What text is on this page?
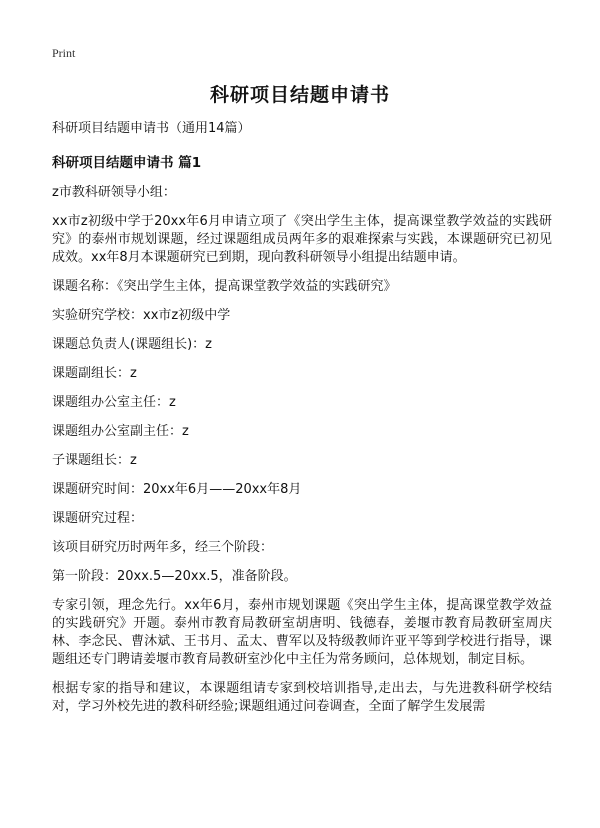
Print
科研项目结题申请书
科研项目结题申请书（通用14篇）
科研项目结题申请书 篇1

z市教科研领导小组：

xx市z初级中学于20xx年6月申请立项了《突出学生主体，提高课堂教学效益的实践研究》的泰州市规划课题，经过课题组成员两年多的艰难探索与实践，本课题研究已初见成效。xx年8月本课题研究已到期，现向教科研领导小组提出结题申请。

课题名称：《突出学生主体，提高课堂教学效益的实践研究》

实验研究学校：xx市z初级中学

课题总负责人(课题组长)：z

课题副组长：z

课题组办公室主任：z

课题组办公室副主任：z

子课题组长：z

课题研究时间：20xx年6月——20xx年8月

课题研究过程：

该项目研究历时两年多，经三个阶段：

第一阶段：20xx.5—20xx.5，准备阶段。

专家引领，理念先行。xx年6月，泰州市规划课题《突出学生主体，提高课堂教学效益的实践研究》开题。泰州市教育局教研室胡唐明、钱德春，姜堰市教育局教研室周庆林、李念民、曹沐斌、王书月、孟太、曹军以及特级教师许亚平等到学校进行指导，课题组还专门聘请姜堰市教育局教研室沙化中主任为常务顾问，总体规划，制定目标。

根据专家的指导和建议，本课题组请专家到校培训指导,走出去，与先进教科研学校结对，学习外校先进的教科研经验;课题组通过问卷调查，全面了解学生发展需
